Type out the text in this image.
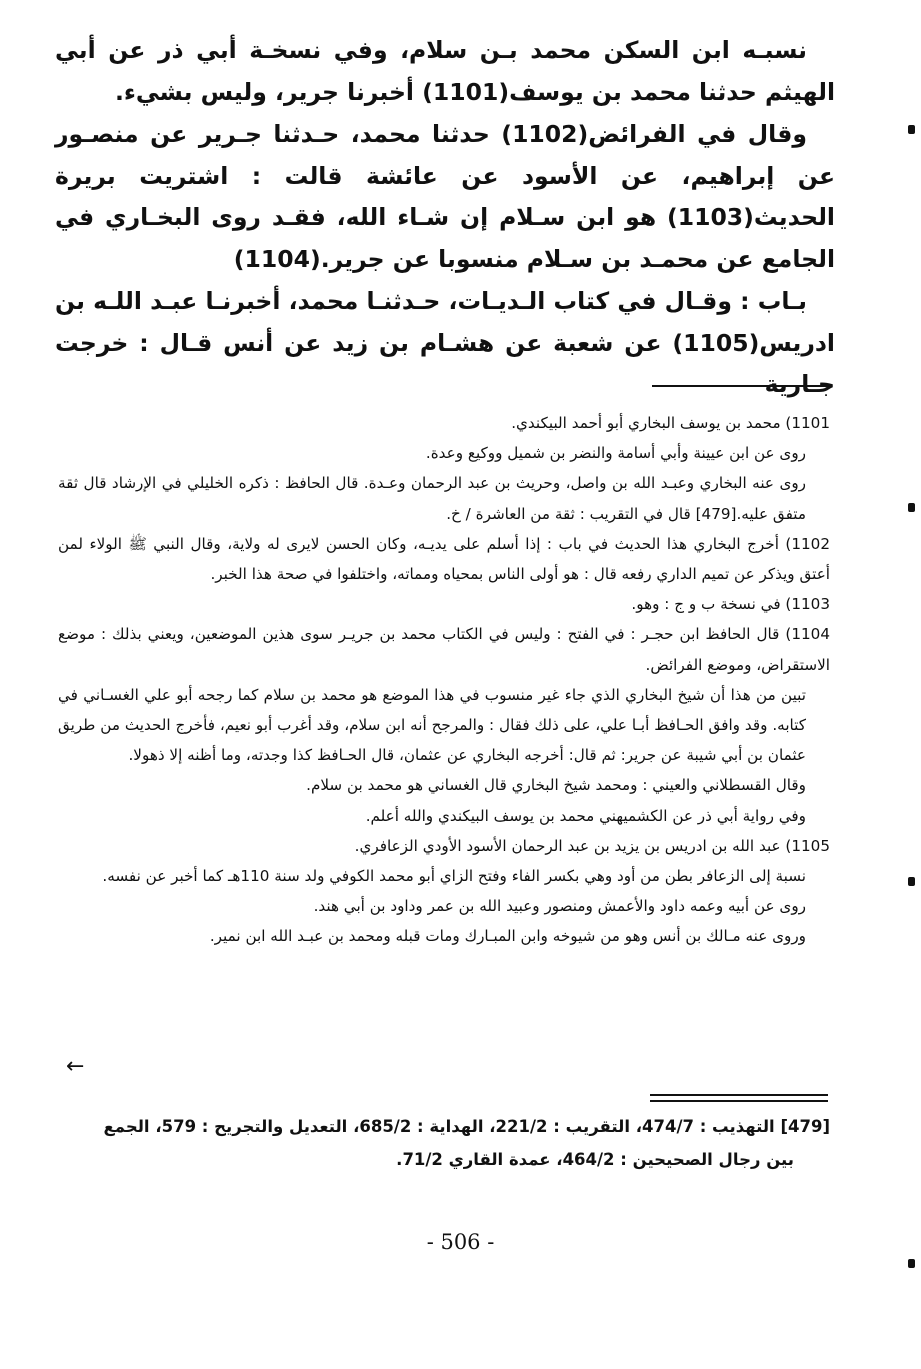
نسبـه ابن السكن محمد بـن سلام، وفي نسخـة أبي ذر عن أبي الهيثم حدثنا محمد بن يوسف(1101) أخبرنا جرير، وليس بشيء.

وقال في الفرائض(1102) حدثنا محمد، حـدثنا جـرير عن منصـور عن إبراهيم، عن الأسود عن عائشة قالت : اشتريت بريرة الحديث(1103) هو ابن سـلام إن شـاء الله، فقـد روى البخـاري في الجامع عن محمـد بن سـلام منسوبا عن جرير.(1104)

بـاب : وقـال في كتاب الـديـات، حـدثنـا محمد، أخبرنـا عبـد اللـه بن ادريس(1105) عن شعبة عن هشـام بن زيد عن أنس قـال : خرجت جـارية

1101) محمد بن يوسف البخاري أبو أحمد البيكندي.
روى عن ابن عيينة وأبي أسامة والنضر بن شميل ووكيع وعدة.
روى عنه البخاري وعبـد الله بن واصل، وحريث بن عبد الرحمان وعـدة. قال الحافظ : ذكره الخليلي في الإرشاد قال ثقة متفق عليه.[479] قال في التقريب : ثقة من العاشرة / خ.
1102) أخرج البخاري هذا الحديث في باب : إذا أسلم على يديـه، وكان الحسن لايرى له ولاية، وقال النبي ﷺ الولاء لمن أعتق ويذكر عن تميم الداري رفعه قال : هو أولى الناس بمحياه ومماته، واختلفوا في صحة هذا الخبر.
1103) في نسخة ب و ج : وهو.
1104) قال الحافظ ابن حجـر : في الفتح : وليس في الكتاب محمد بن جريـر سوى هذين الموضعين، ويعني بذلك : موضع الاستقراض، وموضع الفرائض.
تبين من هذا أن شيخ البخاري الذي جاء غير منسوب في هذا الموضع هو محمد بن سلام كما رجحه أبو علي الغسـاني في كتابه. وقد وافق الحـافظ أبـا علي، على ذلك فقال : والمرجح أنه ابن سلام، وقد أغرب أبو نعيم، فأخرج الحديث من طريق عثمان بن أبي شيبة عن جرير: ثم قال: أخرجه البخاري عن عثمان، قال الحـافظ كذا وجدته، وما أظنه إلا ذهولا.
وقال القسطلاني والعيني : ومحمد شيخ البخاري قال الغساني هو محمد بن سلام.
وفي رواية أبي ذر عن الكشميهني محمد بن يوسف البيكندي والله أعلم.
1105) عبد الله بن ادريس بن يزيد بن عبد الرحمان الأسود الأودي الزعافري.
نسبة إلى الزعافر بطن من أود وهي بكسر الفاء وفتح الزاي أبو محمد الكوفي ولد سنة 110هـ كما أخبر عن نفسه.
روى عن أبيه وعمه داود والأعمش ومنصور وعبيد الله بن عمر وداود بن أبي هند.
وروى عنه مـالك بن أنس وهو من شيوخه وابن المبـارك ومات قبله ومحمد بن عبـد الله ابن نمير.
←
[479] التهذيب : 474/7، التقريب : 221/2، الهداية : 685/2، التعديل والتجريح : 579، الجمع
بين رجال الصحيحين : 464/2، عمدة القاري 71/2.
- 506 -
